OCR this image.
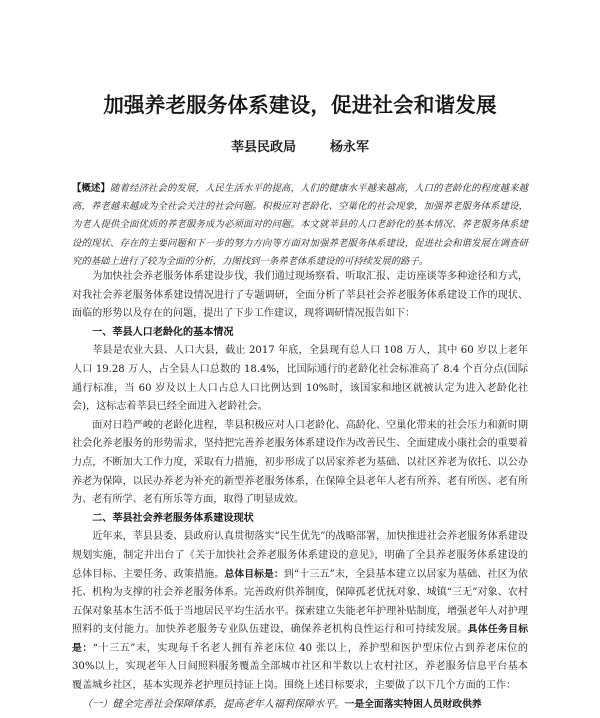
加强养老服务体系建设，促进社会和谐发展
莘县民政局	杨永军
【概述】随着经济社会的发展，人民生活水平的提高，人们的健康水平越来越高，人口的老龄化的程度越来越高，养老越来越成为全社会关注的社会问题。积极应对老龄化、空巢化的社会现象，加强养老服务体系建设，为老人提供全面优质的养老服务成为必须面对的问题。本文就莘县的人口老龄化的基本情况、养老服务体系建设的现状、存在的主要问题和下一步的努力方向等方面对加强养老服务体系建设，促进社会和谐发展在调查研究的基础上进行了较为全面的分析，力图找到一条养老体系建设的可持续发展的路子。

为加快社会养老服务体系建设步伐，我们通过现场察看、听取汇报、走访座谈等多种途径和方式，对我社会养老服务体系建设情况进行了专题调研，全面分析了莘县社会养老服务体系建设工作的现状、面临的形势以及存在的问题，提出了下步工作建议，现将调研情况报告如下：

一、莘县人口老龄化的基本情况

莘县是农业大县、人口大县，截止 2017 年底，全县现有总人口 108 万人，其中 60 岁以上老年人口 19.28 万人，占全县人口总数的 18.4%，比国际通行的老龄化社会标准高了 8.4 个百分点(国际通行标准，当 60 岁及以上人口占总人口比例达到 10%时，该国家和地区就被认定为进入老龄化社会)，这标志着莘县已经全面进入老龄社会。

面对日趋严峻的老龄化进程，莘县积极应对人口老龄化、高龄化、空巢化带来的社会压力和新时期社会化养老服务的形势需求，坚持把完善养老服务体系建设作为改善民生、全面建成小康社会的重要着力点，不断加大工作力度，采取有力措施，初步形成了以居家养老为基础、以社区养老为依托、以公办养老为保障，以民办养老为补充的新型养老服务体系，在保障全县老年人老有所养、老有所医、老有所为、老有所学、老有所乐等方面，取得了明显成效。

二、莘县社会养老服务体系建设现状

近年来，莘县县委、县政府认真贯彻落实“民生优先”的战略部署，加快推进社会养老服务体系建设规划实施，制定并出台了《关于加快社会养老服务体系建设的意见》，明确了全县养老服务体系建设的总体目标、主要任务、政策措施。总体目标是：到“十三五”末，全县基本建立以居家为基础、社区为依托、机构为支撑的社会养老服务体系。完善政府供养制度，保障孤老优抚对象、城镇“三无”对象、农村五保对象基本生活不低于当地居民平均生活水平。探索建立失能老年护理补贴制度，增强老年人对护理照料的支付能力。加快养老服务专业队伍建设，确保养老机构良性运行和可持续发展。具体任务目标是：“十三五”末，实现每千名老人拥有养老床位 40 张以上，养护型和医护型床位占到养老床位的 30%以上，实现老年人日间照料服务覆盖全部城市社区和半数以上农村社区，养老服务信息平台基本覆盖城乡社区，基本实现养老护理员持证上岗。围绕上述目标要求，主要做了以下几个方面的工作：

（一）健全完善社会保障体系，提高老年人福利保障水平。一是全面落实特困人员财政供养
